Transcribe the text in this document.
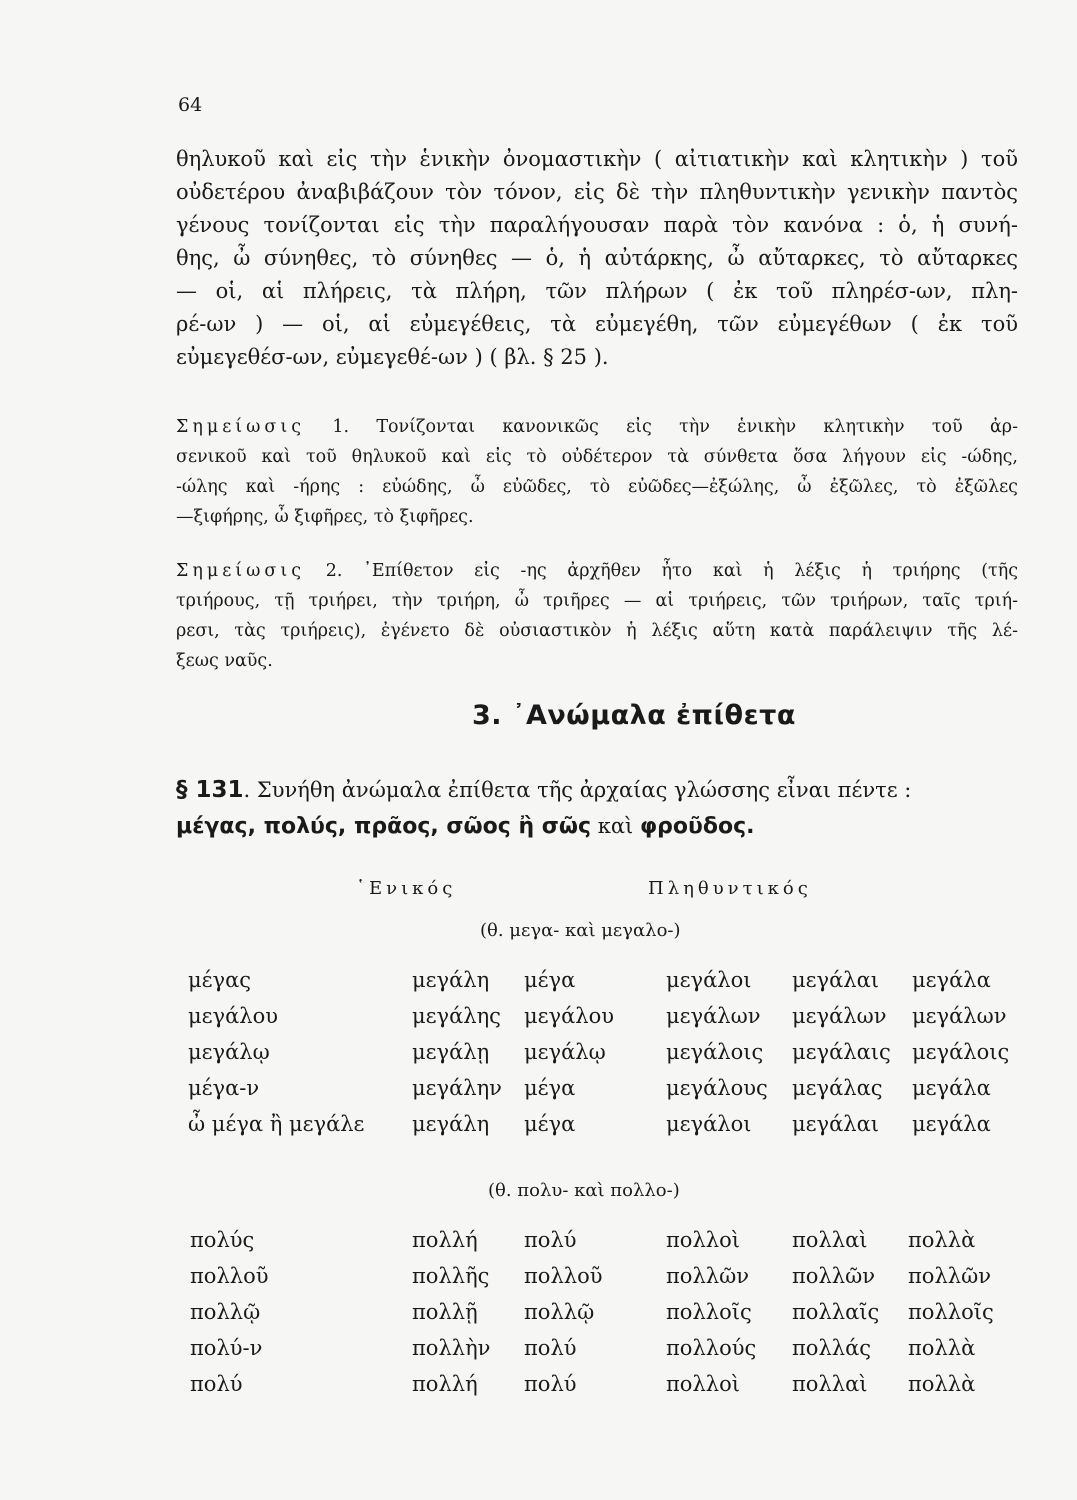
64
θηλυκοῦ καὶ εἰς τὴν ἑνικὴν ὀνομαστικὴν ( αἰτιατικὴν καὶ κλητικὴν ) τοῦ
οὐδετέρου ἀναβιβάζουν τὸν τόνον, εἰς δὲ τὴν πληθυντικὴν γενικὴν παντὸς
γένους τονίζονται εἰς τὴν παραλήγουσαν παρὰ τὸν κανόνα : ὁ, ἡ συνή-
θης, ὦ σύνηθες, τὸ σύνηθες — ὁ, ἡ αὐτάρκης, ὦ αὔταρκες, τὸ αὔταρκες
— οἱ, αἱ πλήρεις, τὰ πλήρη, τῶν πλήρων ( ἐκ τοῦ πληρέσ-ων, πλη-
ρέ-ων ) — οἱ, αἱ εὐμεγέθεις, τὰ εὐμεγέθη, τῶν εὐμεγέθων ( ἐκ τοῦ
εὐμεγεθέσ-ων, εὐμεγεθέ-ων ) ( βλ. § 25 ).
Σημείωσις 1. Τονίζονται κανονικῶς εἰς τὴν ἑνικὴν κλητικὴν τοῦ ἀρ-
σενικοῦ καὶ τοῦ θηλυκοῦ καὶ εἰς τὸ οὐδέτερον τὰ σύνθετα ὅσα λήγουν εἰς -ώδης,
-ώλης καὶ -ήρης : εὐώδης, ὦ εὐῶδες, τὸ εὐῶδες—ἐξώλης, ὦ ἐξῶλες, τὸ ἐξῶλες
—ξιφήρης, ὦ ξιφῆρες, τὸ ξιφῆρες.
Σημείωσις 2. ᾿Επίθετον εἰς -ης ἀρχῆθεν ἦτο καὶ ἡ λέξις ἡ τριήρης (τῆς
τριήρους, τῇ τριήρει, τὴν τριήρη, ὦ τριῆρες — αἱ τριήρεις, τῶν τριήρων, ταῖς τριή-
ρεσι, τὰς τριήρεις), ἐγένετο δὲ οὐσιαστικὸν ἡ λέξις αὕτη κατὰ παράλειψιν τῆς λέ-
ξεως ναῦς.
3. ᾿Ανώμαλα ἐπίθετα
§ 131. Συνήθη ἀνώμαλα ἐπίθετα τῆς ἀρχαίας γλώσσης εἶναι πέντε :
μέγας, πολύς, πρᾶος, σῶος ἢ σῶς καὶ φροῦδος.
῾Ενικός	Πληθυντικός
(θ. μεγα- καὶ μεγαλο-)
μέγας	μεγάλη	μέγα	μεγάλοι	μεγάλαι	μεγάλα
μεγάλου	μεγάλης	μεγάλου	μεγάλων	μεγάλων	μεγάλων
μεγάλῳ	μεγάλῃ	μεγάλῳ	μεγάλοις	μεγάλαις	μεγάλοις
μέγα-ν	μεγάλην	μέγα	μεγάλους	μεγάλας	μεγάλα
ὦ μέγα ἢ μεγάλε	μεγάλη	μέγα	μεγάλοι	μεγάλαι	μεγάλα
(θ. πολυ- καὶ πολλο-)
πολύς	πολλή	πολύ	πολλοὶ	πολλαὶ	πολλὰ
πολλοῦ	πολλῆς	πολλοῦ	πολλῶν	πολλῶν	πολλῶν
πολλῷ	πολλῇ	πολλῷ	πολλοῖς	πολλαῖς	πολλοῖς
πολύ-ν	πολλὴν	πολύ	πολλούς	πολλάς	πολλὰ
πολύ	πολλή	πολύ	πολλοὶ	πολλαὶ	πολλὰ
